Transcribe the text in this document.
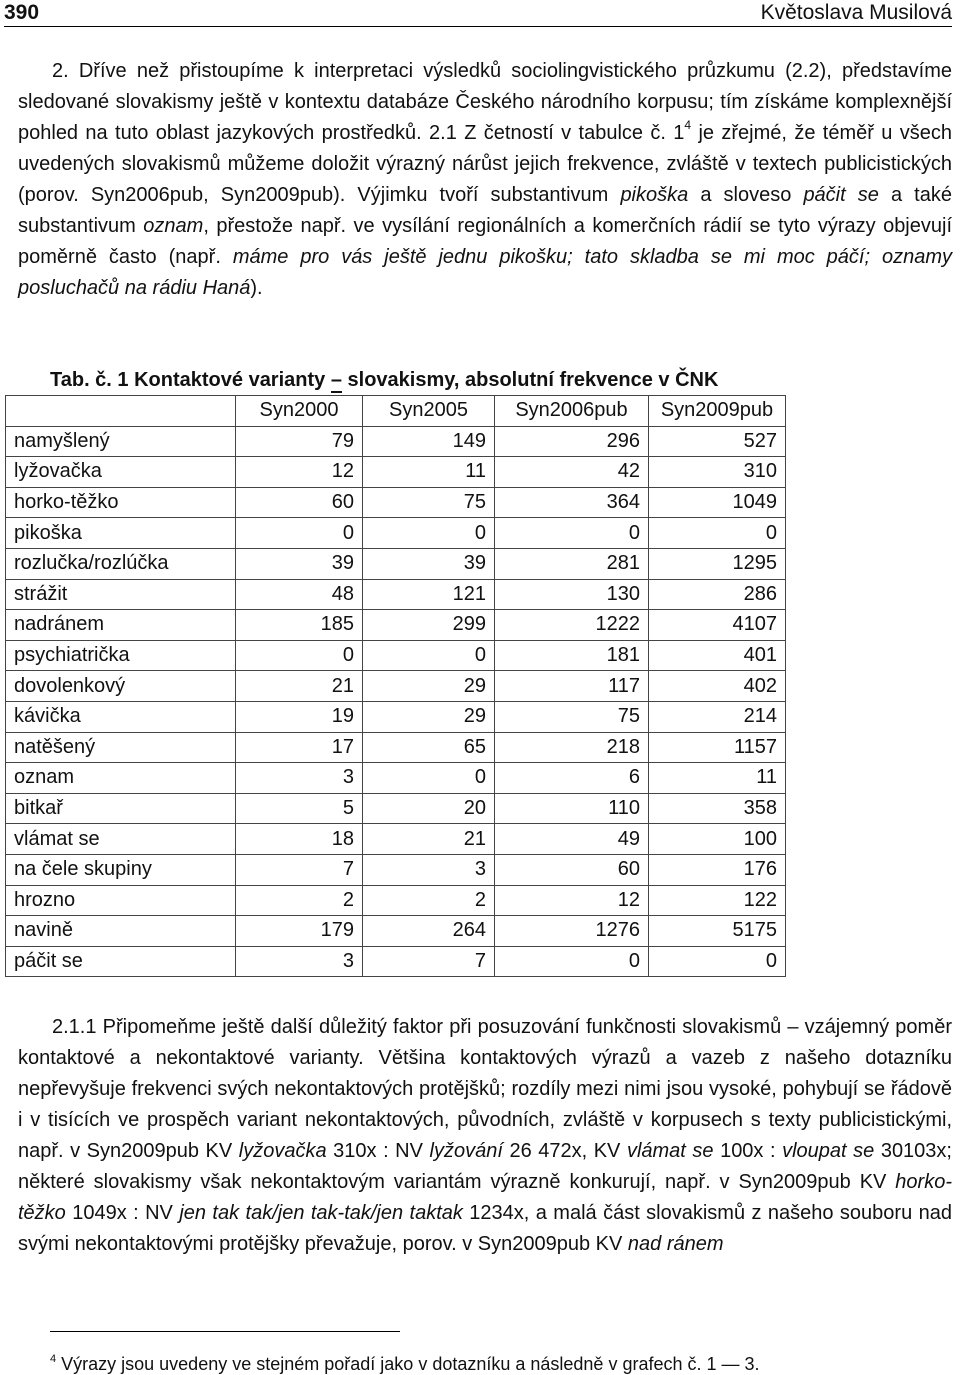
390	Květoslava Musilová

2. Dříve než přistoupíme k interpretaci výsledků sociolingvistického průzkumu (2.2), představíme sledované slovakismy ještě v kontextu databáze Českého národního korpusu; tím získáme komplexnější pohled na tuto oblast jazykových prostředků. 2.1 Z četností v tabulce č. $1^4$ je zřejmé, že téměř u všech uvedených slovakismů můžeme doložit výrazný nárůst jejich frekvence, zvláště v textech publicistických (porov. Syn2006pub, Syn2009pub). Výjimku tvoří substantivum pikoška a sloveso páčit se a také substantivum oznam, přestože např. ve vysílání regionálních a komerčních rádií se tyto výrazy objevují poměrně často (např. máme pro vás ještě jednu pikošku; tato skladba se mi moc páčí; oznamy posluchačů na rádiu Haná).

Tab. č. 1 Kontaktové varianty – slovakismy, absolutní frekvence v ČNK

	Syn2000	Syn2005	Syn2006pub	Syn2009pub
namyšlený	79	149	296	527
lyžovačka	12	11	42	310
horko-těžko	60	75	364	1049
pikoška	0	0	0	0
rozlučka/rozlúčka	39	39	281	1295
strážit	48	121	130	286
nadránem	185	299	1222	4107
psychiatrička	0	0	181	401
dovolenkový	21	29	117	402
kávička	19	29	75	214
natěšený	17	65	218	1157
oznam	3	0	6	11
bitkař	5	20	110	358
vlámat se	18	21	49	100
na čele skupiny	7	3	60	176
hrozno	2	2	12	122
navině	179	264	1276	5175
páčit se	3	7	0	0

2.1.1 Připomeňme ještě další důležitý faktor při posuzování funkčnosti slovakismů – vzájemný poměr kontaktové a nekontaktové varianty. Většina kontaktových výrazů a vazeb z našeho dotazníku nepřevyšuje frekvenci svých nekontaktových protějšků; rozdíly mezi nimi jsou vysoké, pohybují se řádově i v tisících ve prospěch variant nekontaktových, původních, zvláště v korpusech s texty publicistickými, např. v Syn2009pub KV lyžovačka 310x : NV lyžování 26 472x, KV vlámat se 100x : vloupat se 30103x; některé slovakismy však nekontaktovým variantám výrazně konkurují, např. v Syn2009pub KV horko-těžko 1049x : NV jen tak tak/jen tak-tak/jen taktak 1234x, a malá část slovakismů z našeho souboru nad svými nekontaktovými protějšky převažuje, porov. v Syn2009pub KV nad ránem

$^4$ Výrazy jsou uvedeny ve stejném pořadí jako v dotazníku a následně v grafech č. 1 — 3.
